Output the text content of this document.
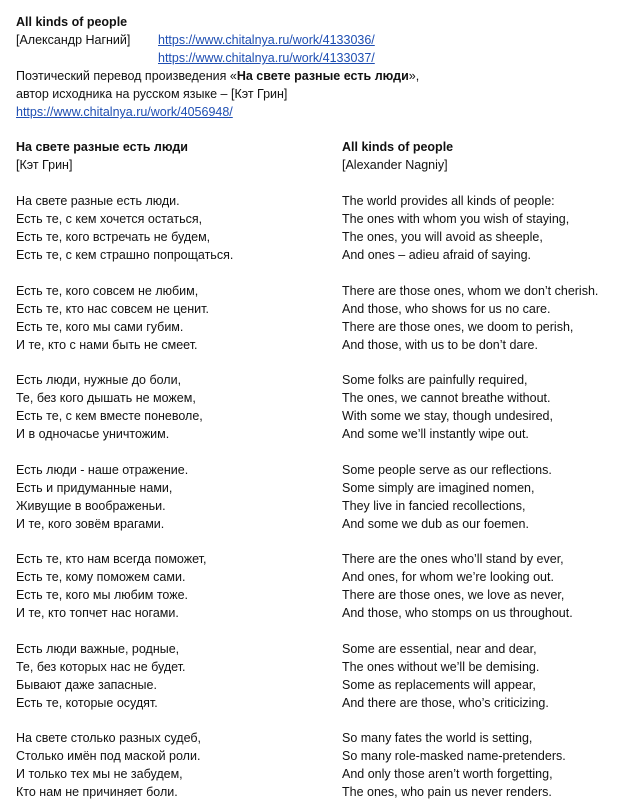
All kinds of people
[Александр Нагний] https://www.chitalnya.ru/work/4133036/
https://www.chitalnya.ru/work/4133037/
Поэтический перевод произведения «На свете разные есть люди»,
автор исходника на русском языке – [Кэт Грин]
https://www.chitalnya.ru/work/4056948/
На свете разные есть люди
[Кэт Грин]
All kinds of people
[Alexander Nagniy]
На свете разные есть люди.
Есть те, с кем хочется остаться,
Есть те, кого встречать не будем,
Есть те, с кем страшно попрощаться.
Есть те, кого совсем не любим,
Есть те, кто нас совсем не ценит.
Есть те, кого мы сами губим.
И те, кто с нами быть не смеет.
Есть люди, нужные до боли,
Те, без кого дышать не можем,
Есть те, с кем вместе поневоле,
И в одночасье уничтожим.
Есть люди - наше отражение.
Есть и придуманные нами,
Живущие в воображеньи.
И те, кого зовём врагами.
Есть те, кто нам всегда поможет,
Есть те, кому поможем сами.
Есть те, кого мы любим тоже.
И те, кто топчет нас ногами.
Есть люди важные, родные,
Те, без которых нас не будет.
Бывают даже запасные.
Есть те, которые осудят.
На свете столько разных судеб,
Столько имён под маской роли.
И только тех мы не забудем,
Кто нам не причиняет боли.
The world provides all kinds of people:
The ones with whom you wish of staying,
The ones, you will avoid as sheeple,
And ones – adieu afraid of saying.
There are those ones, whom we don’t cherish.
And those, who shows for us no care.
There are those ones, we doom to perish,
And those, with us to be don’t dare.
Some folks are painfully required,
The ones, we cannot breathe without.
With some we stay, though undesired,
And some we’ll instantly wipe out.
Some people serve as our reflections.
Some simply are imagined nomen,
They live in fancied recollections,
And some we dub as our foemen.
There are the ones who’ll stand by ever,
And ones, for whom we’re looking out.
There are those ones, we love as never,
And those, who stomps on us throughout.
Some are essential, near and dear,
The ones without we’ll be demising.
Some as replacements will appear,
And there are those, who’s criticizing.
So many fates the world is setting,
So many role-masked name-pretenders.
And only those aren’t worth forgetting,
The ones, who pain us never renders.
